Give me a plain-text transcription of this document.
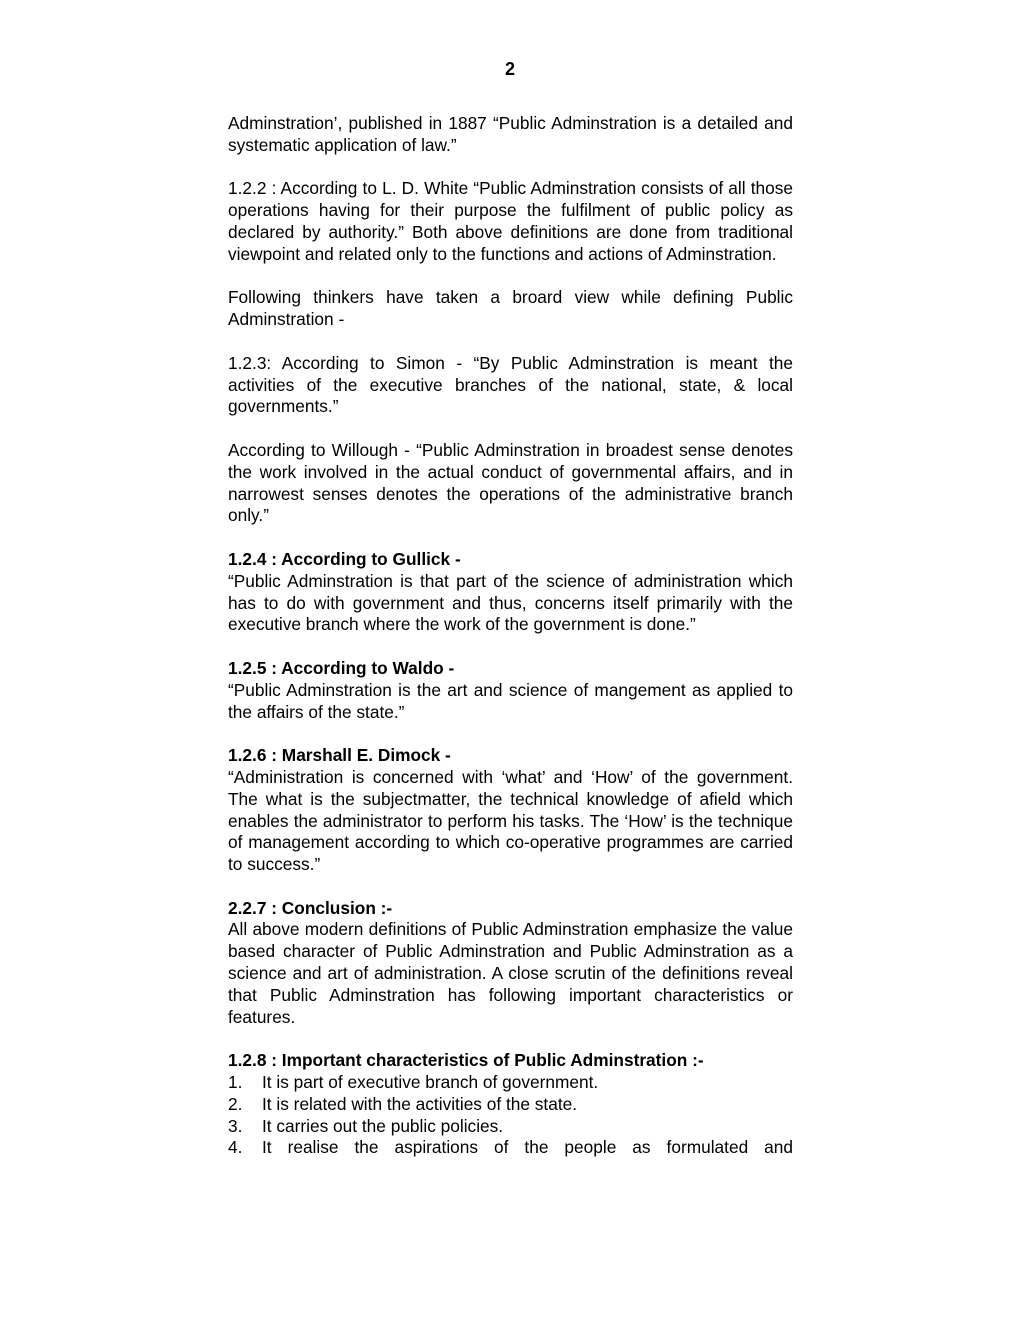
2

Adminstration’, published in 1887 “Public Adminstration is a detailed and systematic application of law.”

1.2.2 : According to L. D. White “Public Adminstration consists of all those operations having for their purpose the fulfilment of public policy as declared by authority.” Both above definitions are done from traditional viewpoint and related only to the functions and actions of Adminstration.

Following thinkers have taken a broard view while defining Public Adminstration -

1.2.3: According to Simon - “By Public Adminstration is meant the activities of the executive branches of the national, state, & local governments.”

According to Willough - “Public Adminstration in broadest sense denotes the work involved in the actual conduct of governmental affairs, and in narrowest senses denotes the operations of the administrative branch only.”

1.2.4 : According to Gullick -

“Public Adminstration is that part of the science of administration which has to do with government and thus, concerns itself primarily with the executive branch where the work of the government is done.”

1.2.5 : According to Waldo -

“Public Adminstration is the art and science of mangement as applied to the affairs of the state.”

1.2.6 : Marshall E. Dimock -

“Administration is concerned with ‘what’ and ‘How’ of the government. The what is the subjectmatter, the technical knowledge of afield which enables the administrator to perform his tasks. The ‘How’ is the technique of management according to which co-operative programmes are carried to success.”

2.2.7 : Conclusion :-

All above modern definitions of Public Adminstration emphasize the value based character of Public Adminstration and Public Adminstration as a science and art of administration. A close scrutin of the definitions reveal that Public Adminstration has following important characteristics or features.

1.2.8 : Important characteristics of Public Adminstration :-

1.	It is part of executive branch of government.
2.	It is related with the activities of the state.
3.	It carries out the public policies.
4.	It realise the aspirations of the people as formulated and
